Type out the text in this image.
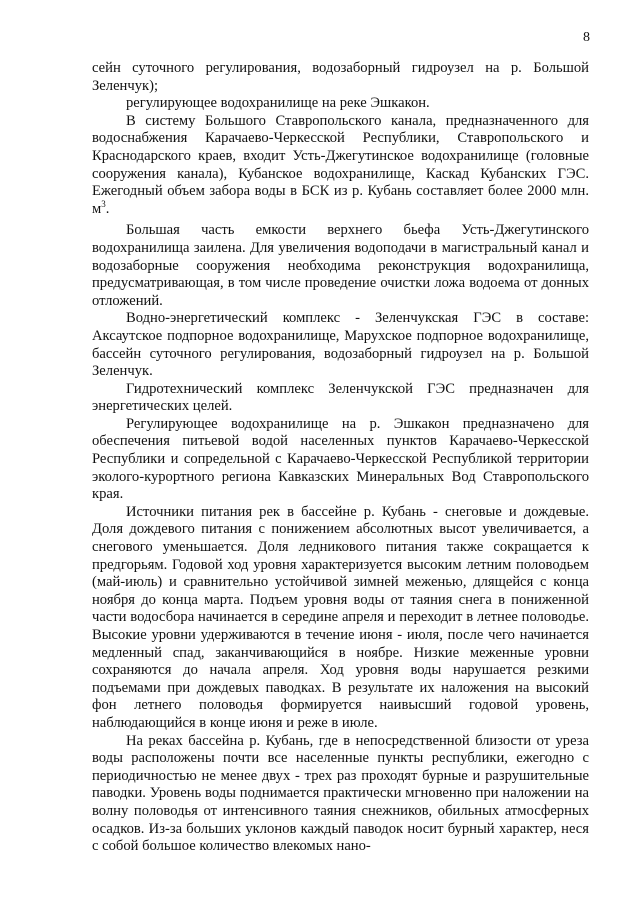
8

сейн суточного регулирования, водозаборный гидроузел на р. Большой Зеленчук);

регулирующее водохранилище на реке Эшкакон.

В систему Большого Ставропольского канала, предназначенного для водоснабжения Карачаево-Черкесской Республики, Ставропольского и Краснодарского краев, входит Усть-Джегутинское водохранилище (головные сооружения канала), Кубанское водохранилище, Каскад Кубанских ГЭС. Ежегодный объем забора воды в БСК из р. Кубань составляет более 2000 млн. $м^3$.

Большая часть емкости верхнего бьефа Усть-Джегутинского водохранилища заилена. Для увеличения водоподачи в магистральный канал и водозаборные сооружения необходима реконструкция водохранилища, предусматривающая, в том числе проведение очистки ложа водоема от донных отложений.

Водно-энергетический комплекс - Зеленчукская ГЭС в составе: Аксаутское подпорное водохранилище, Марухское подпорное водохранилище, бассейн суточного регулирования, водозаборный гидроузел на р. Большой Зеленчук.

Гидротехнический комплекс Зеленчукской ГЭС предназначен для энергетических целей.

Регулирующее водохранилище на р. Эшкакон предназначено для обеспечения питьевой водой населенных пунктов Карачаево-Черкесской Республики и сопредельной с Карачаево-Черкесской Республикой территории эколого-курортного региона Кавказских Минеральных Вод Ставропольского края.

Источники питания рек в бассейне р. Кубань - снеговые и дождевые. Доля дождевого питания с понижением абсолютных высот увеличивается, а снегового уменьшается. Доля ледникового питания также сокращается к предгорьям. Годовой ход уровня характеризуется высоким летним половодьем (май-июль) и сравнительно устойчивой зимней меженью, длящейся с конца ноября до конца марта. Подъем уровня воды от таяния снега в пониженной части водосбора начинается в середине апреля и переходит в летнее половодье. Высокие уровни удерживаются в течение июня - июля, после чего начинается медленный спад, заканчивающийся в ноябре. Низкие меженные уровни сохраняются до начала апреля. Ход уровня воды нарушается резкими подъемами при дождевых паводках. В результате их наложения на высокий фон летнего половодья формируется наивысший годовой уровень, наблюдающийся в конце июня и реже в июле.

На реках бассейна р. Кубань, где в непосредственной близости от уреза воды расположены почти все населенные пункты республики, ежегодно с периодичностью не менее двух - трех раз проходят бурные и разрушительные паводки. Уровень воды поднимается практически мгновенно при наложении на волну половодья от интенсивного таяния снежников, обильных атмосферных осадков. Из-за больших уклонов каждый паводок носит бурный характер, неся с собой большое количество влекомых нано-
